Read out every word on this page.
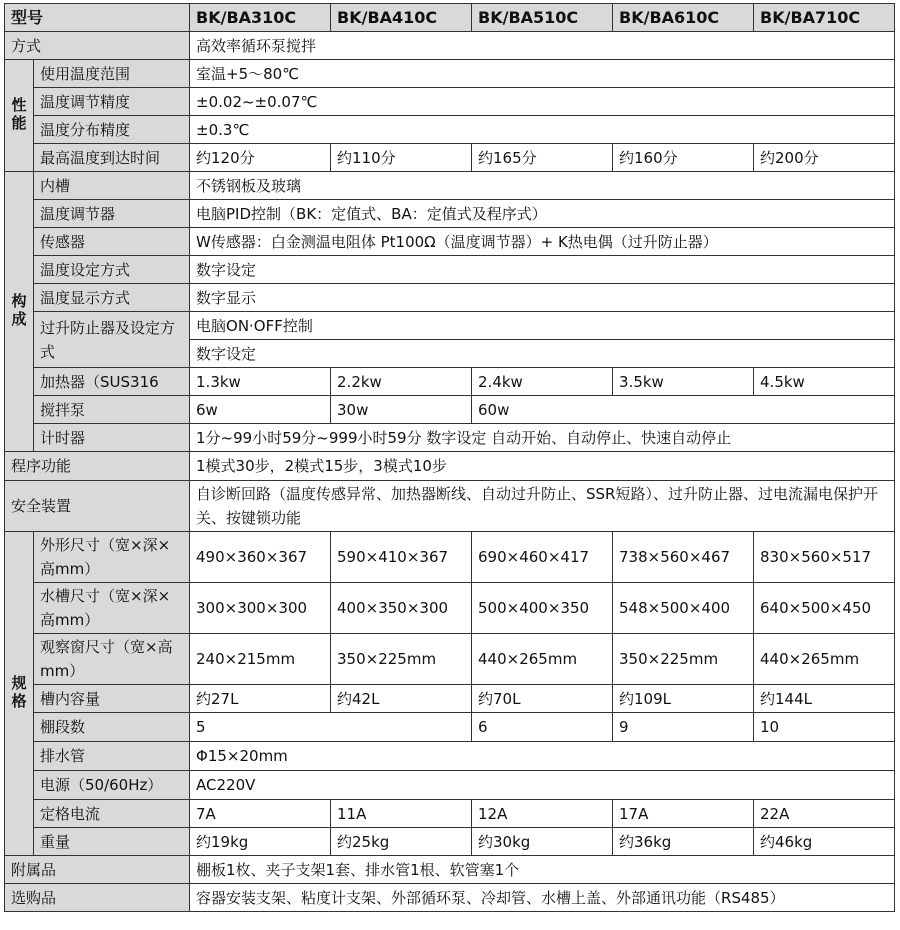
型号		BK/BA310C	BK/BA410C	BK/BA510C	BK/BA610C	BK/BA710C
方式		高效率循环泵搅拌				
性能	使用温度范围	室温+5～80℃				
	温度调节精度	±0.02~±0.07℃				
	温度分布精度	±0.3℃				
	最高温度到达时间	约120分	约110分	约165分	约160分	约200分
构成	内槽	不锈钢板及玻璃				
	温度调节器	电脑PID控制（BK：定值式、BA：定值式及程序式）				
	传感器	W传感器：白金测温电阻体 Pt100Ω（温度调节器）+ K热电偶（过升防止器）				
	温度设定方式	数字设定				
	温度显示方式	数字显示				
	过升防止器及设定方式	电脑ON·OFF控制				
		数字设定				
	加热器（SUS316	1.3kw	2.2kw	2.4kw	3.5kw	4.5kw
	搅拌泵	6w	30w	60w		
	计时器	1分~99小时59分~999小时59分 数字设定 自动开始、自动停止、快速自动停止				
程序功能		1模式30步，2模式15步，3模式10步				
安全装置		自诊断回路（温度传感异常、加热器断线、自动过升防止、SSR短路）、过升防止器、过电流漏电保护开关、按键锁功能				
规格	外形尺寸（宽×深×高mm）	490×360×367	590×410×367	690×460×417	738×560×467	830×560×517
	水槽尺寸（宽×深×高mm）	300×300×300	400×350×300	500×400×350	548×500×400	640×500×450
	观察窗尺寸（宽×高mm）	240×215mm	350×225mm	440×265mm	350×225mm	440×265mm
	槽内容量	约27L	约42L	约70L	约109L	约144L
	棚段数	5		6	9	10
	排水管	Φ15×20mm				
	电源（50/60Hz）	AC220V				
	定格电流	7A	11A	12A	17A	22A
	重量	约19kg	约25kg	约30kg	约36kg	约46kg
附属品		棚板1枚、夹子支架1套、排水管1根、软管塞1个				
选购品		容器安装支架、粘度计支架、外部循环泵、冷却管、水槽上盖、外部通讯功能（RS485）				
